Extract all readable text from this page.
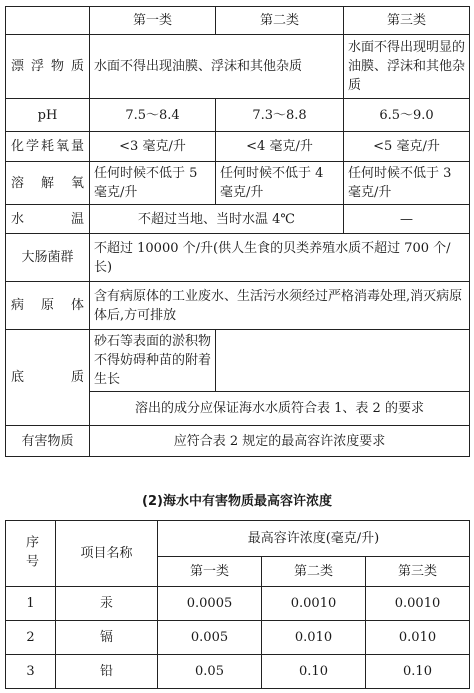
	第一类	第二类	第三类
漂浮物质	水面不得出现油膜、浮沫和其他杂质		水面不得出现明显的油膜、浮沫和其他杂质
pH	7.5～8.4	7.3～8.8	6.5～9.0
化学耗氧量	<3 毫克/升	<4 毫克/升	<5 毫克/升
溶解氧	任何时候不低于 5 毫克/升	任何时候不低于 4 毫克/升	任何时候不低于 3 毫克/升
水温	不超过当地、当时水温 4℃		—
大肠菌群	不超过 10000 个/升(供人生食的贝类养殖水质不超过 700 个/长)		
病原体	含有病原体的工业废水、生活污水须经过严格消毒处理,消灭病原体后,方可排放		
底质	砂石等表面的淤积物不得妨碍种苗的附着生长		
	溶出的成分应保证海水水质符合表 1、表 2 的要求		
有害物质	应符合表 2 规定的最高容许浓度要求		
(2)海水中有害物质最高容许浓度
序号	项目名称	最高容许浓度(毫克/升)		
		第一类	第二类	第三类
1	汞	0.0005	0.0010	0.0010
2	镉	0.005	0.010	0.010
3	铅	0.05	0.10	0.10
